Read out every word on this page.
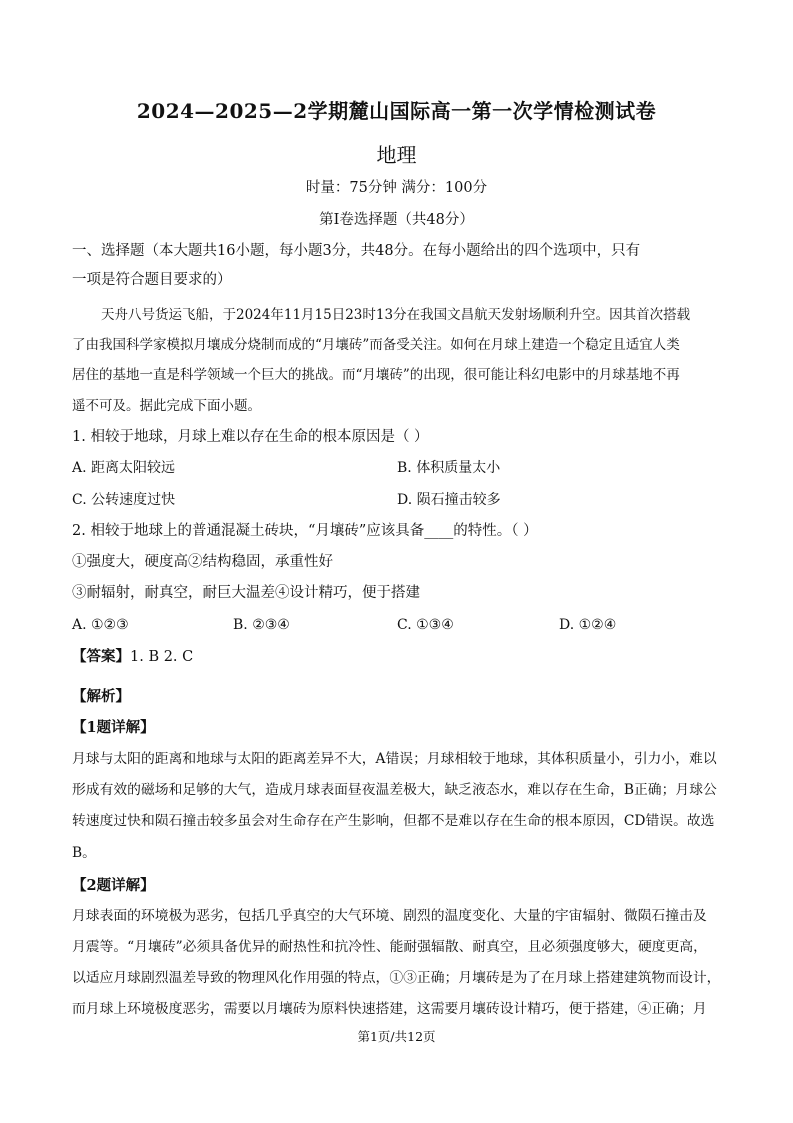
2024—2025—2学期麓山国际高一第一次学情检测试卷
地理
时量：75分钟 满分：100分
第Ⅰ卷选择题（共48分）
一、选择题（本大题共16小题，每小题3分，共48分。在每小题给出的四个选项中，只有
一项是符合题目要求的）
天舟八号货运飞船，于2024年11月15日23时13分在我国文昌航天发射场顺利升空。因其首次搭载
了由我国科学家模拟月壤成分烧制而成的“月壤砖”而备受关注。如何在月球上建造一个稳定且适宜人类
居住的基地一直是科学领域一个巨大的挑战。而“月壤砖”的出现，很可能让科幻电影中的月球基地不再
遥不可及。据此完成下面小题。
1. 相较于地球，月球上难以存在生命的根本原因是（ ）
A. 距离太阳较远	B. 体积质量太小
C. 公转速度过快	D. 陨石撞击较多
2. 相较于地球上的普通混凝土砖块，“月壤砖”应该具备____的特性。（ ）
①强度大，硬度高②结构稳固，承重性好
③耐辐射，耐真空，耐巨大温差④设计精巧，便于搭建
A. ①②③	B. ②③④	C. ①③④	D. ①②④
【答案】1. B 2. C
【解析】
【1题详解】
月球与太阳的距离和地球与太阳的距离差异不大，A错误；月球相较于地球，其体积质量小，引力小，难以
形成有效的磁场和足够的大气，造成月球表面昼夜温差极大，缺乏液态水，难以存在生命，B正确；月球公
转速度过快和陨石撞击较多虽会对生命存在产生影响，但都不是难以存在生命的根本原因，CD错误。故选
B。
【2题详解】
月球表面的环境极为恶劣，包括几乎真空的大气环境、剧烈的温度变化、大量的宇宙辐射、微陨石撞击及
月震等。“月壤砖”必须具备优异的耐热性和抗冷性、能耐强辐散、耐真空，且必须强度够大，硬度更高，
以适应月球剧烈温差导致的物理风化作用强的特点，①③正确；月壤砖是为了在月球上搭建建筑物而设计，
而月球上环境极度恶劣，需要以月壤砖为原料快速搭建，这需要月壤砖设计精巧，便于搭建，④正确；月
第1页/共12页
